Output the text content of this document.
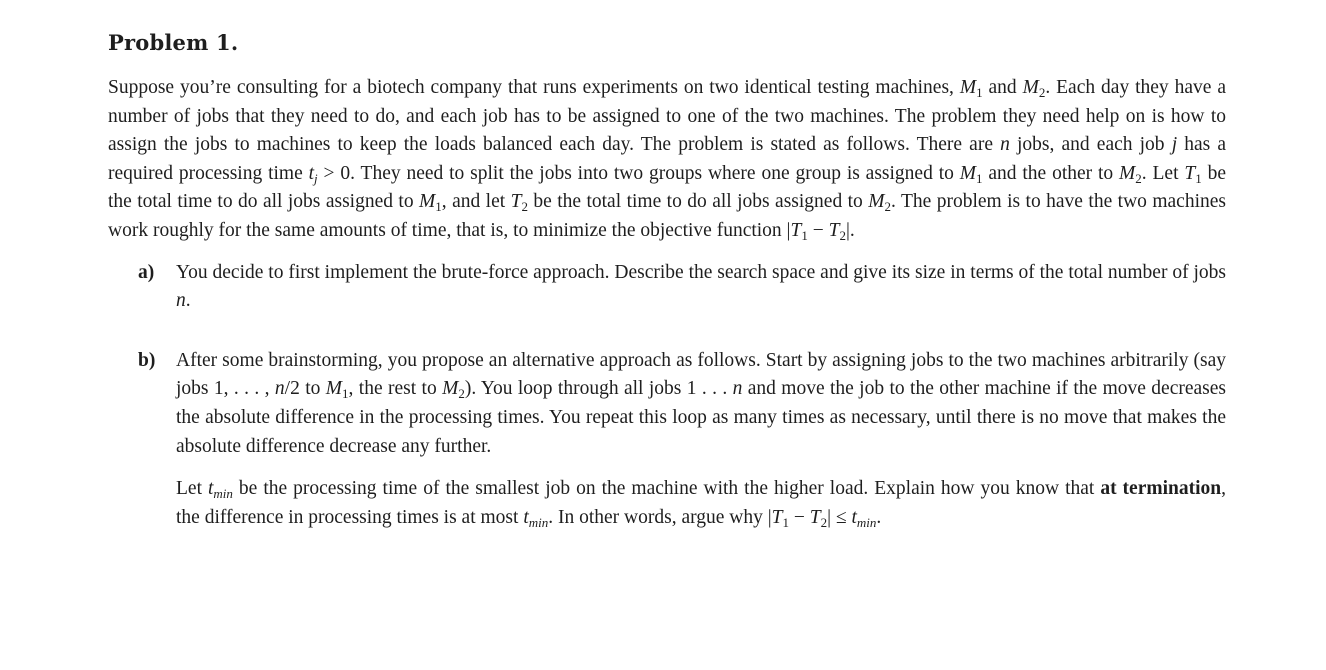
Problem 1.

Suppose you’re consulting for a biotech company that runs experiments on two identical testing machines, $M_1$ and $M_2$. Each day they have a number of jobs that they need to do, and each job has to be assigned to one of the two machines. The problem they need help on is how to assign the jobs to machines to keep the loads balanced each day. The problem is stated as follows. There are n jobs, and each job j has a required processing time $t_j > 0$. They need to split the jobs into two groups where one group is assigned to $M_1$ and the other to $M_2$. Let $T_1$ be the total time to do all jobs assigned to $M_1$, and let $T_2$ be the total time to do all jobs assigned to $M_2$. The problem is to have the two machines work roughly for the same amounts of time, that is, to minimize the objective function $|T_1 - T_2|$.

a) You decide to first implement the brute-force approach. Describe the search space and give its size in terms of the total number of jobs n.
b) After some brainstorming, you propose an alternative approach as follows. Start by assigning jobs to the two machines arbitrarily (say jobs 1, . . . , n/2 to $M_1$, the rest to $M_2$). You loop through all jobs 1 . . . n and move the job to the other machine if the move decreases the absolute difference in the processing times. You repeat this loop as many times as necessary, until there is no move that makes the absolute difference decrease any further.
Let $t_{min}$ be the processing time of the smallest job on the machine with the higher load. Explain how you know that at termination, the difference in processing times is at most $t_{min}$. In other words, argue why $|T_1 - T_2| \le t_{min}$.
